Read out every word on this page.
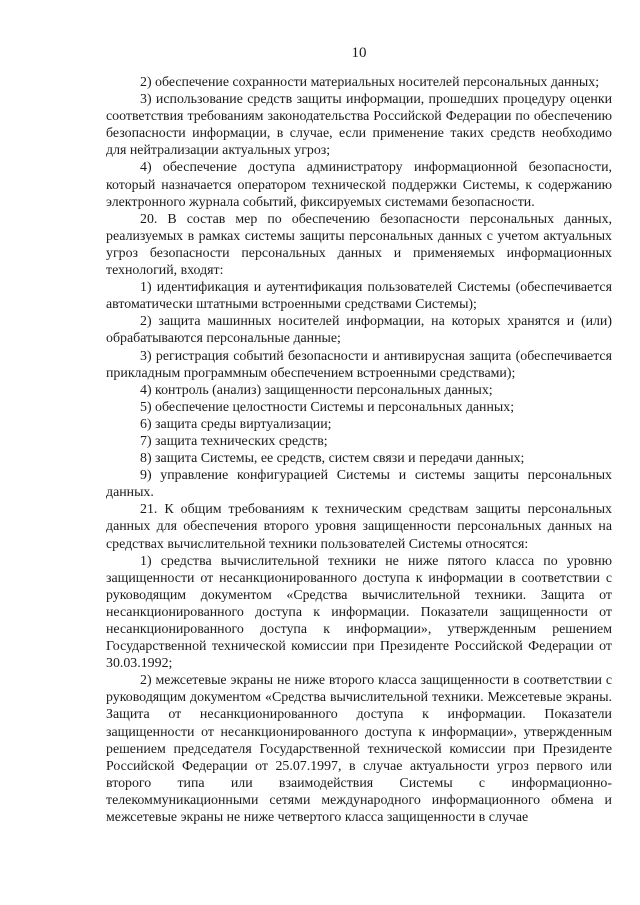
10

2) обеспечение сохранности материальных носителей персональных данных;

3) использование средств защиты информации, прошедших процедуру оценки соответствия требованиям законодательства Российской Федерации по обеспечению безопасности информации, в случае, если применение таких средств необходимо для нейтрализации актуальных угроз;

4) обеспечение доступа администратору информационной безопасности, который назначается оператором технической поддержки Системы, к содержанию электронного журнала событий, фиксируемых системами безопасности.

20. В состав мер по обеспечению безопасности персональных данных, реализуемых в рамках системы защиты персональных данных с учетом актуальных угроз безопасности персональных данных и применяемых информационных технологий, входят:

1) идентификация и аутентификация пользователей Системы (обеспечивается автоматически штатными встроенными средствами Системы);

2) защита машинных носителей информации, на которых хранятся и (или) обрабатываются персональные данные;

3) регистрация событий безопасности и антивирусная защита (обеспечивается прикладным программным обеспечением встроенными средствами);

4) контроль (анализ) защищенности персональных данных;

5) обеспечение целостности Системы и персональных данных;

6) защита среды виртуализации;

7) защита технических средств;

8) защита Системы, ее средств, систем связи и передачи данных;

9) управление конфигурацией Системы и системы защиты персональных данных.

21. К общим требованиям к техническим средствам защиты персональных данных для обеспечения второго уровня защищенности персональных данных на средствах вычислительной техники пользователей Системы относятся:

1) средства вычислительной техники не ниже пятого класса по уровню защищенности от несанкционированного доступа к информации в соответствии с руководящим документом «Средства вычислительной техники. Защита от несанкционированного доступа к информации. Показатели защищенности от несанкционированного доступа к информации», утвержденным решением Государственной технической комиссии при Президенте Российской Федерации от 30.03.1992;

2) межсетевые экраны не ниже второго класса защищенности в соответствии с руководящим документом «Средства вычислительной техники. Межсетевые экраны. Защита от несанкционированного доступа к информации. Показатели защищенности от несанкционированного доступа к информации», утвержденным решением председателя Государственной технической комиссии при Президенте Российской Федерации от 25.07.1997, в случае актуальности угроз первого или второго типа или взаимодействия Системы с информационно-телекоммуникационными сетями международного информационного обмена и межсетевые экраны не ниже четвертого класса защищенности в случае
